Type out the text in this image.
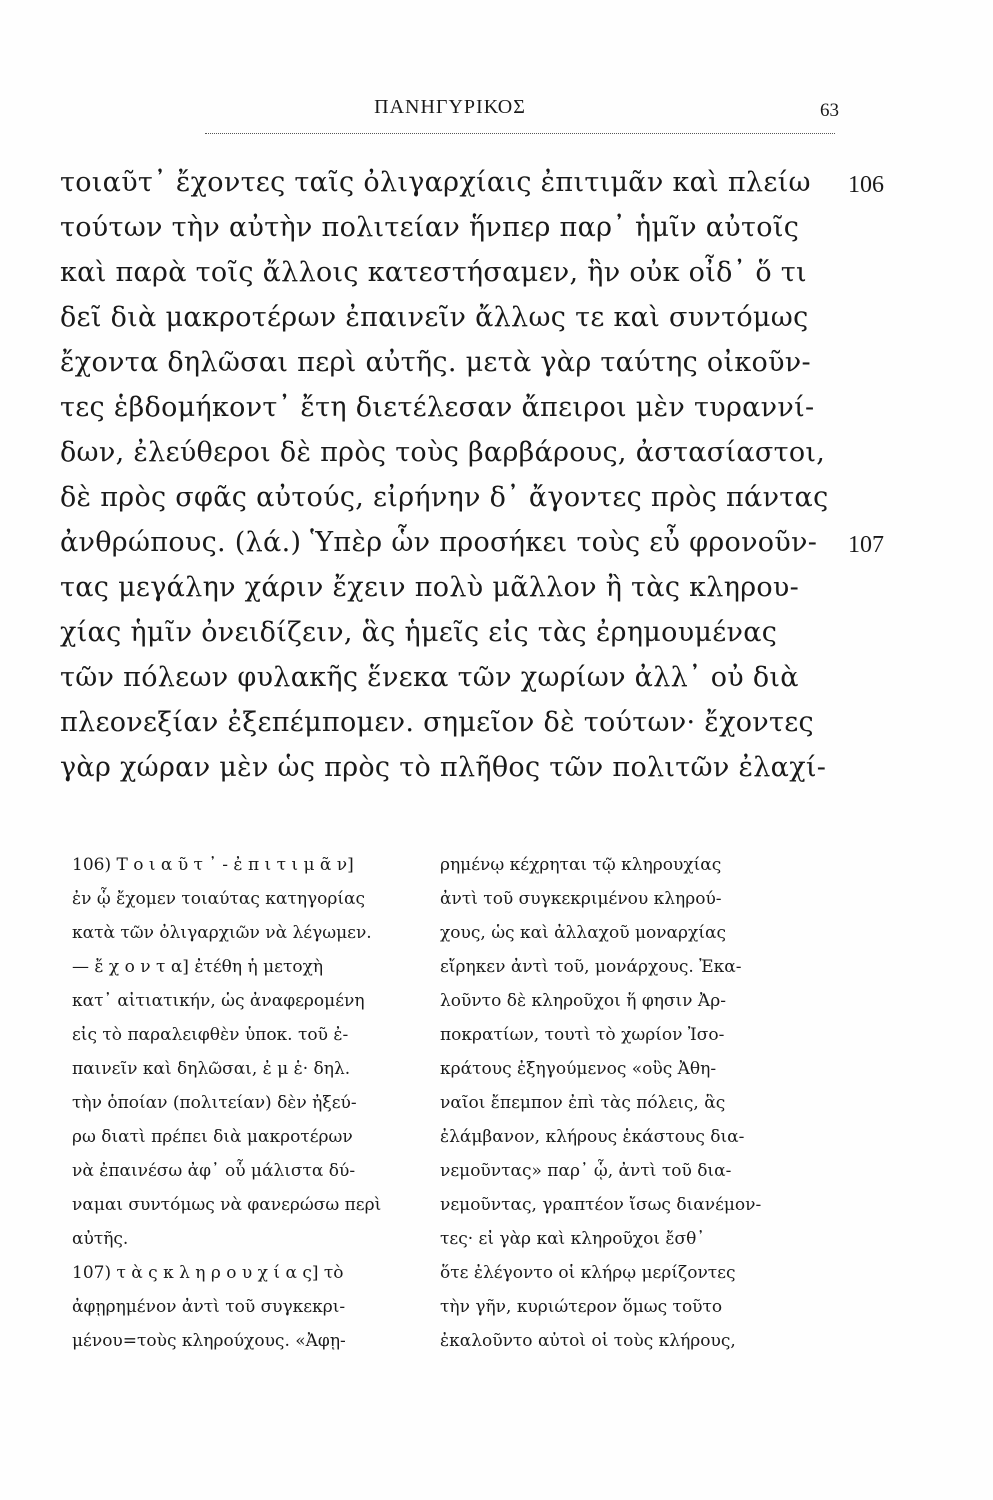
ΠΑΝΗΓΥΡΙΚΟΣ	63
τοιαῦτ᾽ ἔχοντες ταῖς ὀλιγαρχίαις ἐπιτιμᾶν καὶ πλείω
τούτων τὴν αὐτὴν πολιτείαν ἥνπερ παρ᾽ ἡμῖν αὐτοῖς
καὶ παρὰ τοῖς ἄλλοις κατεστήσαμεν, ἣν οὐκ οἶδ᾽ ὅ τι
δεῖ διὰ μακροτέρων ἐπαινεῖν ἄλλως τε καὶ συντόμως
ἔχοντα δηλῶσαι περὶ αὐτῆς. μετὰ γὰρ ταύτης οἰκοῦν-
τες ἑβδομήκοντ᾽ ἔτη διετέλεσαν ἄπειροι μὲν τυραννί-
δων, ἐλεύθεροι δὲ πρὸς τοὺς βαρβάρους, ἀστασίαστοι,
δὲ πρὸς σφᾶς αὐτούς, εἰρήνην δ᾽ ἄγοντες πρὸς πάντας
ἀνθρώπους. (λά.) Ὑπὲρ ὧν προσήκει τοὺς εὖ φρονοῦν-
τας μεγάλην χάριν ἔχειν πολὺ μᾶλλον ἢ τὰς κληρου-
χίας ἡμῖν ὀνειδίζειν, ἃς ἡμεῖς εἰς τὰς ἐρημουμένας
τῶν πόλεων φυλακῆς ἕνεκα τῶν χωρίων ἀλλ᾽ οὐ διὰ
πλεονεξίαν ἐξεπέμπομεν. σημεῖον δὲ τούτων· ἔχοντες
γὰρ χώραν μὲν ὡς πρὸς τὸ πλῆθος τῶν πολιτῶν ἐλαχί-
106
107
106) Τ ο ι α ῦ τ ᾽ - ἐ π ι τ ι μ ᾶ ν]
ἐν ᾧ ἔχομεν τοιαύτας κατηγορίας
κατὰ τῶν ὀλιγαρχιῶν νὰ λέγωμεν.
— ἔ χ ο ν τ α] ἐτέθη ἡ μετοχὴ
κατ᾽ αἰτιατικήν, ὡς ἀναφερομένη
εἰς τὸ παραλειφθὲν ὑποκ. τοῦ ἐ-
παινεῖν καὶ δηλῶσαι, ἐ μ ἑ· δηλ.
τὴν ὁποίαν (πολιτείαν) δὲν ἠξεύ-
ρω διατὶ πρέπει διὰ μακροτέρων
νὰ ἐπαινέσω ἀφ᾽ οὗ μάλιστα δύ-
ναμαι συντόμως νὰ φανερώσω περὶ
αὐτῆς.
107) τ ὰ ς κ λ η ρ ο υ χ ί α ς] τὸ
ἀφῃρημένον ἀντὶ τοῦ συγκεκρι-
μένου=τοὺς κληρούχους. «Ἀφῃ-
ρημένῳ κέχρηται τῷ κληρουχίας
ἀντὶ τοῦ συγκεκριμένου κληρού-
χους, ὡς καὶ ἀλλαχοῦ μοναρχίας
εἴρηκεν ἀντὶ τοῦ, μονάρχους. Ἐκα-
λοῦντο δὲ κληροῦχοι ἥ φησιν Ἀρ-
ποκρατίων, τουτὶ τὸ χωρίον Ἰσο-
κράτους ἐξηγούμενος «οὓς Ἀθη-
ναῖοι ἔπεμπον ἐπὶ τὰς πόλεις, ἃς
ἐλάμβανον, κλήρους ἑκάστους δια-
νεμοῦντας» παρ᾽ ᾧ, ἀντὶ τοῦ δια-
νεμοῦντας, γραπτέον ἴσως διανέμον-
τες· εἰ γὰρ καὶ κληροῦχοι ἔσθ᾽
ὅτε ἐλέγοντο οἱ κλήρῳ μερίζοντες
τὴν γῆν, κυριώτερον ὅμως τοῦτο
ἐκαλοῦντο αὐτοὶ οἱ τοὺς κλήρους,
